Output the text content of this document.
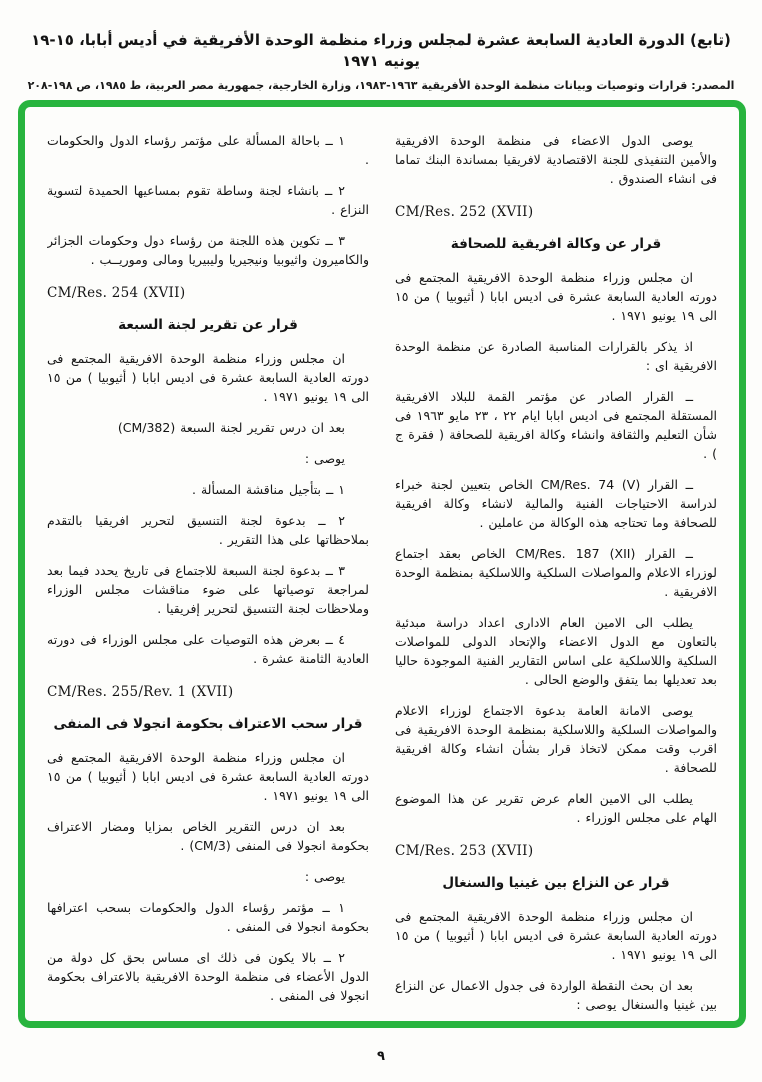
(تابع) الدورة العادية السابعة عشرة لمجلس وزراء منظمة الوحدة الأفريقية في أديس أبابا، ١٥-١٩ يونيه ١٩٧١
المصدر: قرارات وتوصيات وبيانات منظمة الوحدة الأفريقية ١٩٦٣-١٩٨٣، وزارة الخارجية، جمهورية مصر العربية، ط ١٩٨٥، ص ١٩٨-٢٠٨
يوصى الدول الاعضاء فى منظمة الوحدة الافريقية والأمين التنفيذى للجنة الاقتصادية لافريقيا بمساندة البنك تماما فى انشاء الصندوق .
CM/Res. 252 (XVII)
قرار عن وكالة افريقية للصحافة
ان مجلس وزراء منظمة الوحدة الافريقية المجتمع فى دورته العادية السابعة عشرة فى اديس ابابا ( أثيوبيا ) من ١٥ الى ١٩ يونيو ١٩٧١ .
اذ يذكر بالقرارات المناسبة الصادرة عن منظمة الوحدة الافريقية اى :
ــ القرار الصادر عن مؤتمر القمة للبلاد الافريقية المستقلة المجتمع فى اديس ابابا ايام ٢٢ ، ٢٣ مايو ١٩٦٣ فى شأن التعليم والثقافة وانشاء وكالة افريقية للصحافة ( فقرة ج ) .
ــ القرار CM/Res. 74 (V) الخاص بتعيين لجنة خبراء لدراسة الاحتياجات الفنية والمالية لانشاء وكالة افريقية للصحافة وما تحتاجه هذه الوكالة من عاملين .
ــ القرار CM/Res. 187 (XII) الخاص بعقد اجتماع لوزراء الاعلام والمواصلات السلكية واللاسلكية بمنظمة الوحدة الافريقية .
يطلب الى الامين العام الادارى اعداد دراسة مبدئية بالتعاون مع الدول الاعضاء والإتحاد الدولى للمواصلات السلكية واللاسلكية على اساس التقارير الفنية الموجودة حاليا بعد تعديلها بما يتفق والوضع الحالى .
يوصى الامانة العامة بدعوة الاجتماع لوزراء الاعلام والمواصلات السلكية واللاسلكية بمنظمة الوحدة الافريقية فى اقرب وقت ممكن لاتخاذ قرار بشأن انشاء وكالة افريقية للصحافة .
يطلب الى الامين العام عرض تقرير عن هذا الموضوع الهام على مجلس الوزراء .
CM/Res. 253 (XVII)
قرار عن النزاع بين غينيا والسنغال
ان مجلس وزراء منظمة الوحدة الافريقية المجتمع فى دورته العادية السابعة عشرة فى اديس ابابا ( أثيوبيا ) من ١٥ الى ١٩ يونيو ١٩٧١ .
بعد ان بحث النقطة الواردة فى جدول الاعمال عن النزاع بين غينيا والسنغال يوصى :
١ ــ باحالة المسألة على مؤتمر رؤساء الدول والحكومات .
٢ ــ بانشاء لجنة وساطة تقوم بمساعيها الحميدة لتسوية النزاع .
٣ ــ تكوين هذه اللجنة من رؤساء دول وحكومات الجزائر والكاميرون واثيوبيا ونيجيريا وليبيريا ومالى وموريــب .
CM/Res. 254 (XVII)
قرار عن تقرير لجنة السبعة
ان مجلس وزراء منظمة الوحدة الافريقية المجتمع فى دورته العادية السابعة عشرة فى اديس ابابا ( أثيوبيا ) من ١٥ الى ١٩ يونيو ١٩٧١ .
بعد ان درس تقرير لجنة السبعة (CM/382)
يوصى :
١ ــ بتأجيل مناقشة المسألة .
٢ ــ بدعوة لجنة التنسيق لتحرير افريقيا بالتقدم بملاحظاتها على هذا التقرير .
٣ ــ بدعوة لجنة السبعة للاجتماع فى تاريخ يحدد فيما بعد لمراجعة توصياتها على ضوء مناقشات مجلس الوزراء وملاحظات لجنة التنسيق لتحرير إفريقيا .
٤ ــ بعرض هذه التوصيات على مجلس الوزراء فى دورته العادية الثامنة عشرة .
CM/Res. 255/Rev. 1 (XVII)
قرار سحب الاعتراف بحكومة انجولا فى المنفى
ان مجلس وزراء منظمة الوحدة الافريقية المجتمع فى دورته العادية السابعة عشرة فى اديس ابابا ( أثيوبيا ) من ١٥ الى ١٩ يونيو ١٩٧١ .
بعد ان درس التقرير الخاص بمزايا ومضار الاعتراف بحكومة انجولا فى المنفى (CM/3) .
يوصى :
١ ــ مؤتمر رؤساء الدول والحكومات بسحب اعترافها بحكومة انجولا فى المنفى .
٢ ــ بالا يكون فى ذلك اى مساس بحق كل دولة من الدول الأعضاء فى منظمة الوحدة الافريقية بالاعتراف بحكومة انجولا فى المنفى .
٩
